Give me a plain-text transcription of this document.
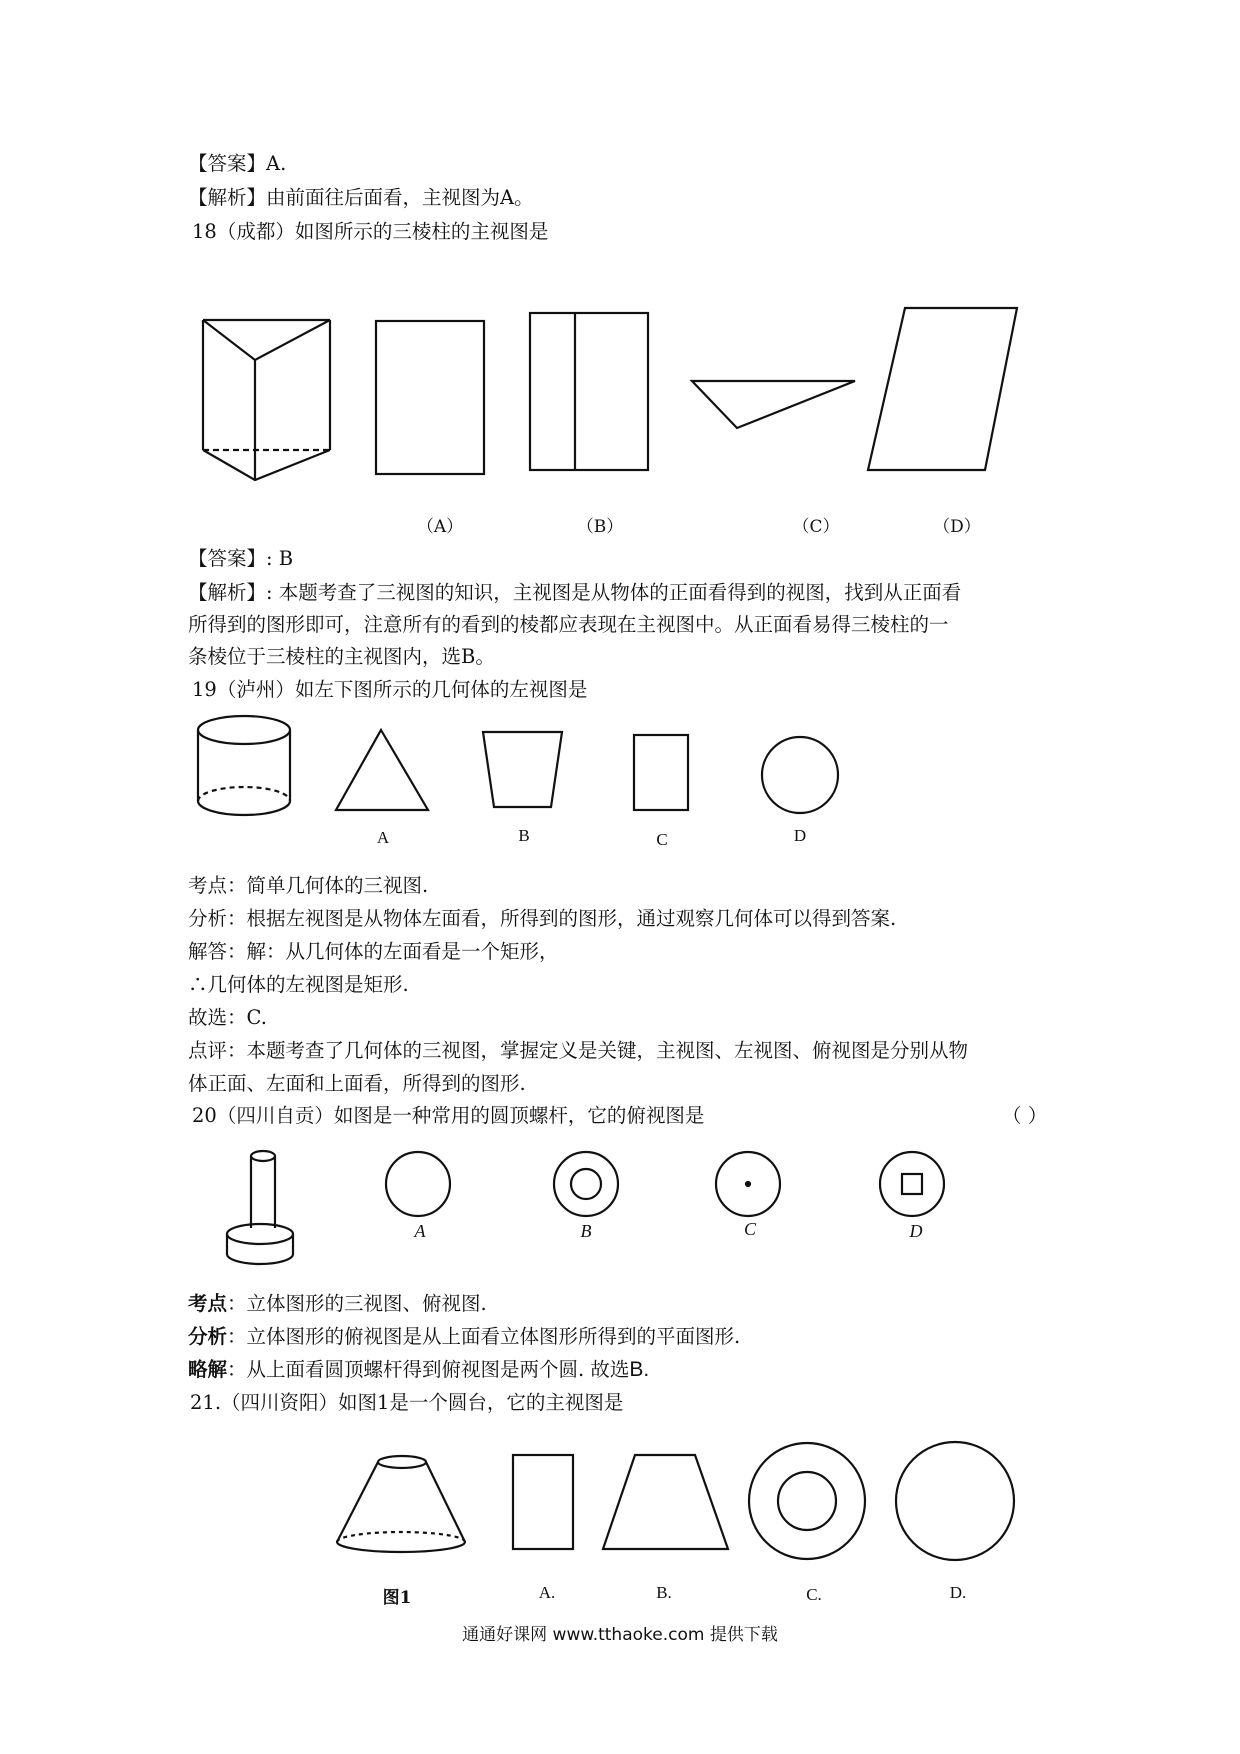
【答案】A.
【解析】由前面往后面看，主视图为A。
18（成都）如图所示的三棱柱的主视图是
（A）	（B）	（C）	（D）
【答案】: B
【解析】: 本题考查了三视图的知识，主视图是从物体的正面看得到的视图，找到从正面看
所得到的图形即可，注意所有的看到的棱都应表现在主视图中。从正面看易得三棱柱的一
条棱位于三棱柱的主视图内，选B。
19（泸州）如左下图所示的几何体的左视图是
A	B	C	D
考点：简单几何体的三视图.
分析：根据左视图是从物体左面看，所得到的图形，通过观察几何体可以得到答案.
解答：解：从几何体的左面看是一个矩形，
∴几何体的左视图是矩形.
故选：C.
点评：本题考查了几何体的三视图，掌握定义是关键，主视图、左视图、俯视图是分别从物
体正面、左面和上面看，所得到的图形.
20（四川自贡）如图是一种常用的圆顶螺杆，它的俯视图是	（ ）
A	B	C	D
考点：立体图形的三视图、俯视图.
分析：立体图形的俯视图是从上面看立体图形所得到的平面图形.
略解：从上面看圆顶螺杆得到俯视图是两个圆. 故选B.
21.（四川资阳）如图1是一个圆台，它的主视图是
图1	A.	B.	C.	D.
通通好课网 www.tthaoke.com 提供下载
